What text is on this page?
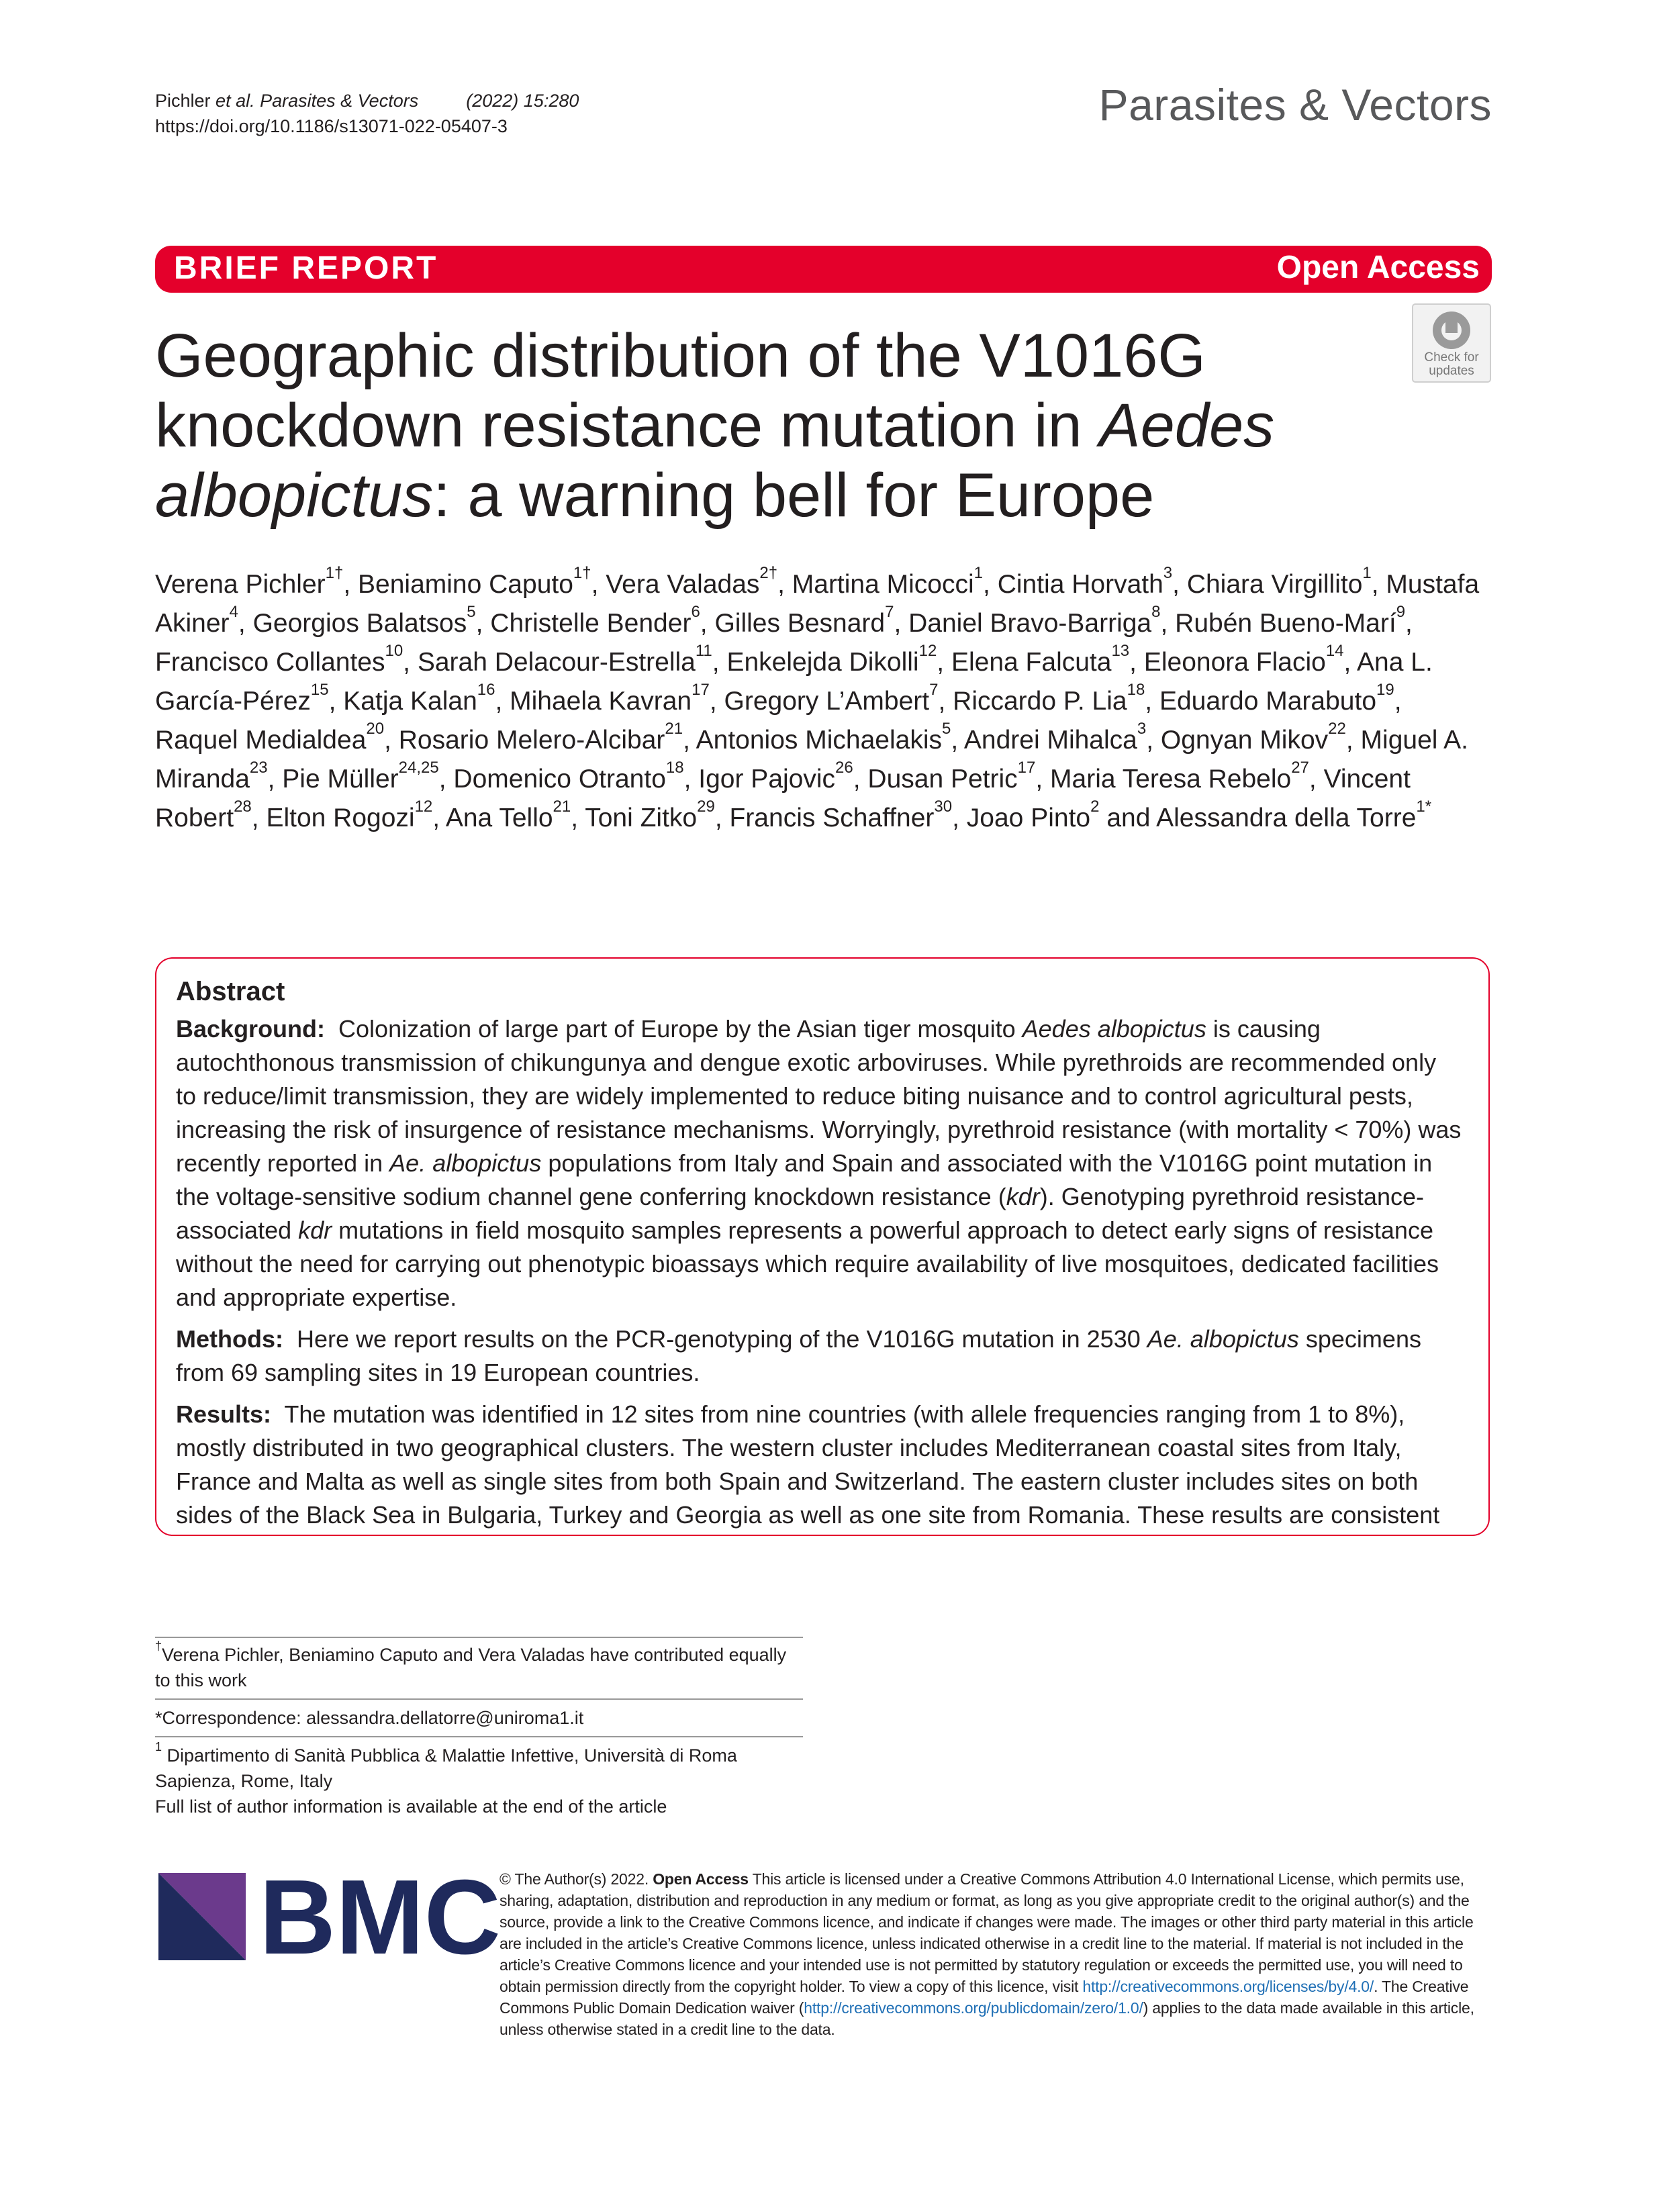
Pichler et al. Parasites & Vectors	(2022) 15:280
https://doi.org/10.1186/s13071-022-05407-3	Parasites & Vectors
BRIEF REPORT	Open Access
Check for
updates
Geographic distribution of the V1016G knockdown resistance mutation in Aedes albopictus: a warning bell for Europe
Verena Pichler$^{1\dagger}$, Beniamino Caputo$^{1\dagger}$, Vera Valadas$^{2\dagger}$, Martina Micocci$^1$, Cintia Horvath$^3$, Chiara Virgillito$^1$, Mustafa Akiner$^4$, Georgios Balatsos$^5$, Christelle Bender$^6$, Gilles Besnard$^7$, Daniel Bravo‑Barriga$^8$, Rubén Bueno‑Marí$^9$, Francisco Collantes$^{10}$, Sarah Delacour‑Estrella$^{11}$, Enkelejda Dikolli$^{12}$, Elena Falcuta$^{13}$, Eleonora Flacio$^{14}$, Ana L. García‑Pérez$^{15}$, Katja Kalan$^{16}$, Mihaela Kavran$^{17}$, Gregory L’Ambert$^7$, Riccardo P. Lia$^{18}$, Eduardo Marabuto$^{19}$, Raquel Medialdea$^{20}$, Rosario Melero‑Alcibar$^{21}$, Antonios Michaelakis$^5$, Andrei Mihalca$^3$, Ognyan Mikov$^{22}$, Miguel A. Miranda$^{23}$, Pie Müller$^{24,25}$, Domenico Otranto$^{18}$, Igor Pajovic$^{26}$, Dusan Petric$^{17}$, Maria Teresa Rebelo$^{27}$, Vincent Robert$^{28}$, Elton Rogozi$^{12}$, Ana Tello$^{21}$, Toni Zitko$^{29}$, Francis Schaffner$^{30}$, Joao Pinto$^2$ and Alessandra della Torre$^{1*}$
Abstract

Background: Colonization of large part of Europe by the Asian tiger mosquito Aedes albopictus is causing autochthonous transmission of chikungunya and dengue exotic arboviruses. While pyrethroids are recommended only to reduce/limit transmission, they are widely implemented to reduce biting nuisance and to control agricultural pests, increasing the risk of insurgence of resistance mechanisms. Worryingly, pyrethroid resistance (with mortality < 70%) was recently reported in Ae. albopictus populations from Italy and Spain and associated with the V1016G point mutation in the voltage-sensitive sodium channel gene conferring knockdown resistance (kdr). Genotyping pyrethroid resistance-associated kdr mutations in field mosquito samples represents a powerful approach to detect early signs of resistance without the need for carrying out phenotypic bioassays which require availability of live mosquitoes, dedicated facilities and appropriate expertise.

Methods: Here we report results on the PCR-genotyping of the V1016G mutation in 2530 Ae. albopictus specimens from 69 sampling sites in 19 European countries.

Results: The mutation was identified in 12 sites from nine countries (with allele frequencies ranging from 1 to 8%), mostly distributed in two geographical clusters. The western cluster includes Mediterranean coastal sites from Italy, France and Malta as well as single sites from both Spain and Switzerland. The eastern cluster includes sites on both sides of the Black Sea in Bulgaria, Turkey and Georgia as well as one site from Romania. These results are consistent

†Verena Pichler, Beniamino Caputo and Vera Valadas have contributed equally to this work
*Correspondence: alessandra.dellatorre@uniroma1.it
$^1$ Dipartimento di Sanità Pubblica & Malattie Infettive, Università di Roma Sapienza, Rome, Italy
Full list of author information is available at the end of the article
BMC
© The Author(s) 2022. Open Access This article is licensed under a Creative Commons Attribution 4.0 International License, which permits use, sharing, adaptation, distribution and reproduction in any medium or format, as long as you give appropriate credit to the original author(s) and the source, provide a link to the Creative Commons licence, and indicate if changes were made. The images or other third party material in this article are included in the article’s Creative Commons licence, unless indicated otherwise in a credit line to the material. If material is not included in the article’s Creative Commons licence and your intended use is not permitted by statutory regulation or exceeds the permitted use, you will need to obtain permission directly from the copyright holder. To view a copy of this licence, visit http://creativecommons.org/licenses/by/4.0/. The Creative Commons Public Domain Dedication waiver (http://creativecommons.org/publicdomain/zero/1.0/) applies to the data made available in this article, unless otherwise stated in a credit line to the data.
